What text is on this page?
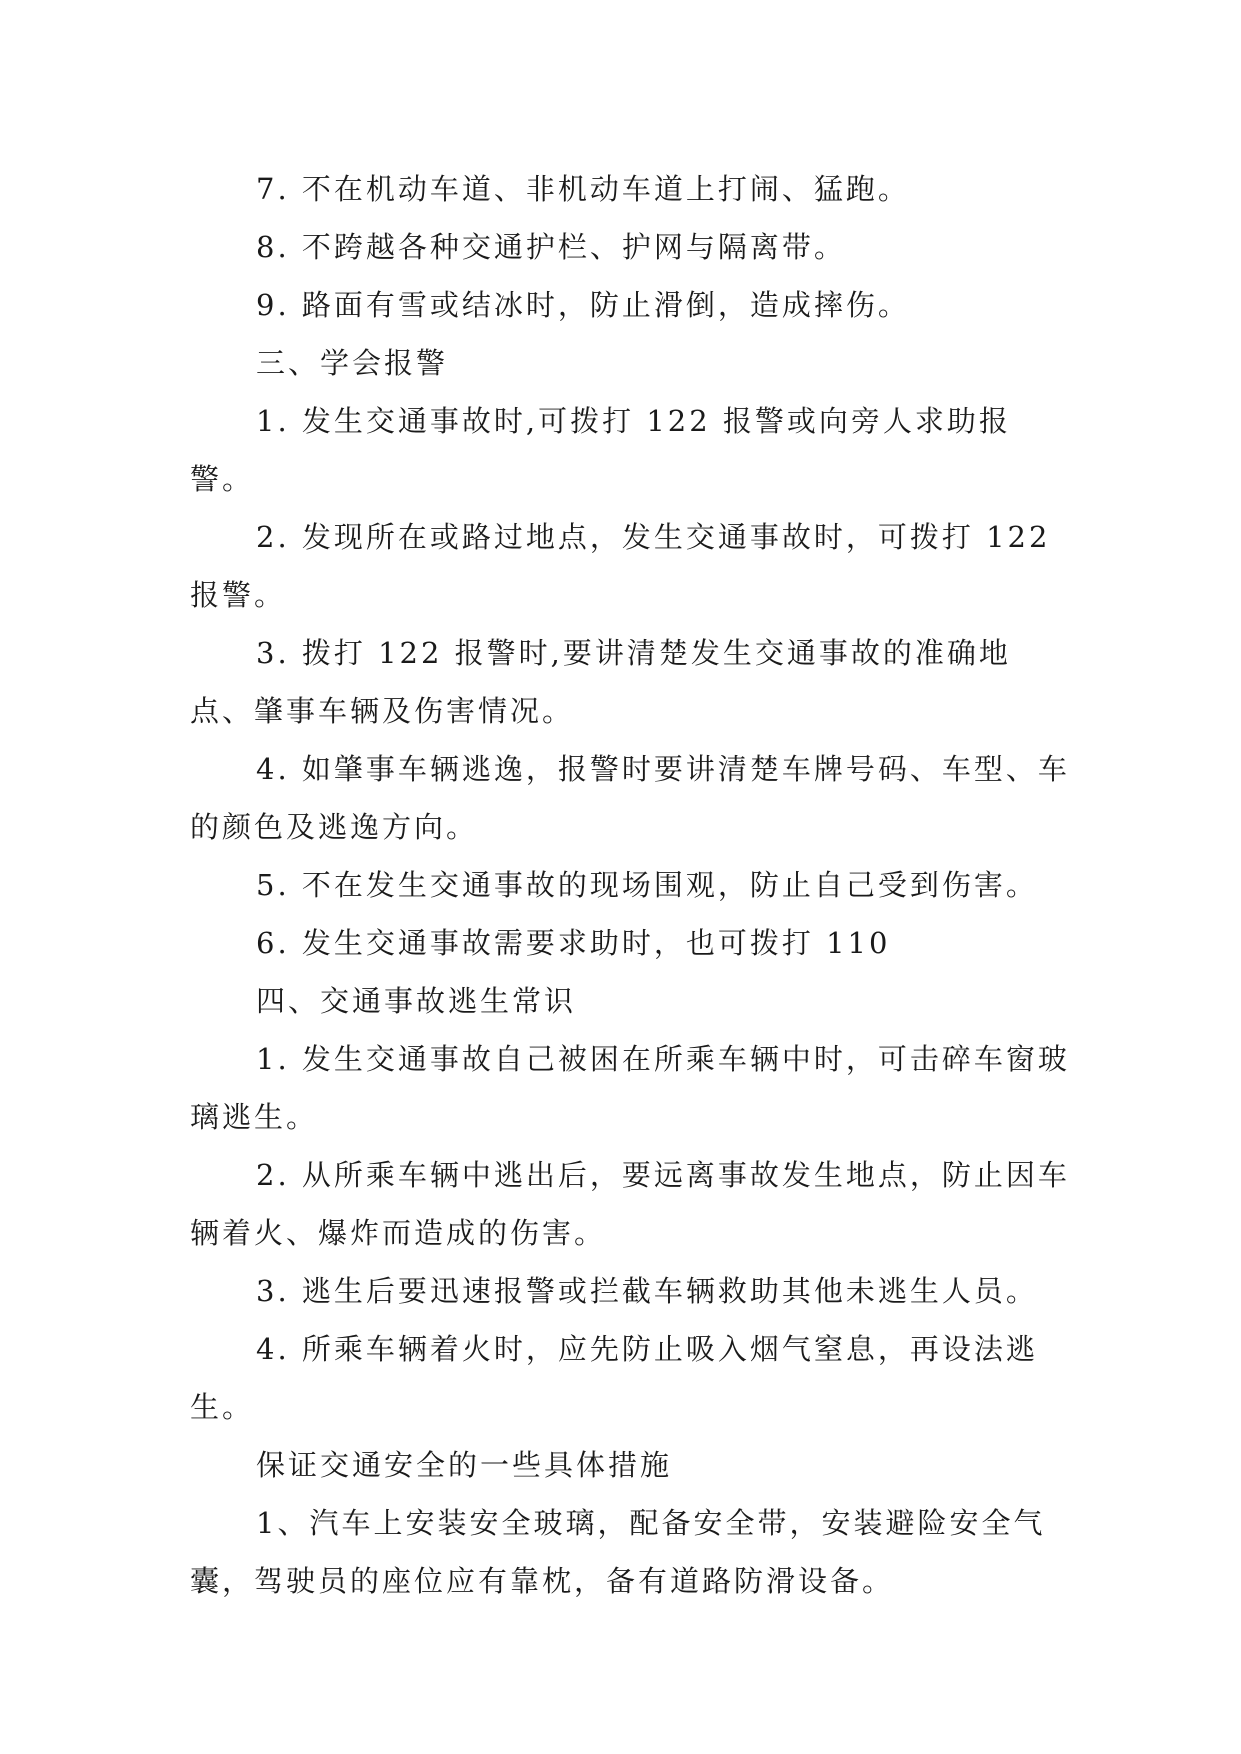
7. 不在机动车道、非机动车道上打闹、猛跑。

8. 不跨越各种交通护栏、护网与隔离带。

9. 路面有雪或结冰时，防止滑倒，造成摔伤。

三、学会报警

1. 发生交通事故时,可拨打 122 报警或向旁人求助报警。

2. 发现所在或路过地点，发生交通事故时，可拨打 122 报警。

3. 拨打 122 报警时,要讲清楚发生交通事故的准确地点、肇事车辆及伤害情况。

4. 如肇事车辆逃逸，报警时要讲清楚车牌号码、车型、车的颜色及逃逸方向。

5. 不在发生交通事故的现场围观，防止自己受到伤害。

6. 发生交通事故需要求助时，也可拨打 110

四、交通事故逃生常识

1. 发生交通事故自己被困在所乘车辆中时，可击碎车窗玻璃逃生。

2. 从所乘车辆中逃出后，要远离事故发生地点，防止因车辆着火、爆炸而造成的伤害。

3. 逃生后要迅速报警或拦截车辆救助其他未逃生人员。

4. 所乘车辆着火时，应先防止吸入烟气窒息，再设法逃生。

保证交通安全的一些具体措施

1、汽车上安装安全玻璃，配备安全带，安装避险安全气囊，驾驶员的座位应有靠枕，备有道路防滑设备。
